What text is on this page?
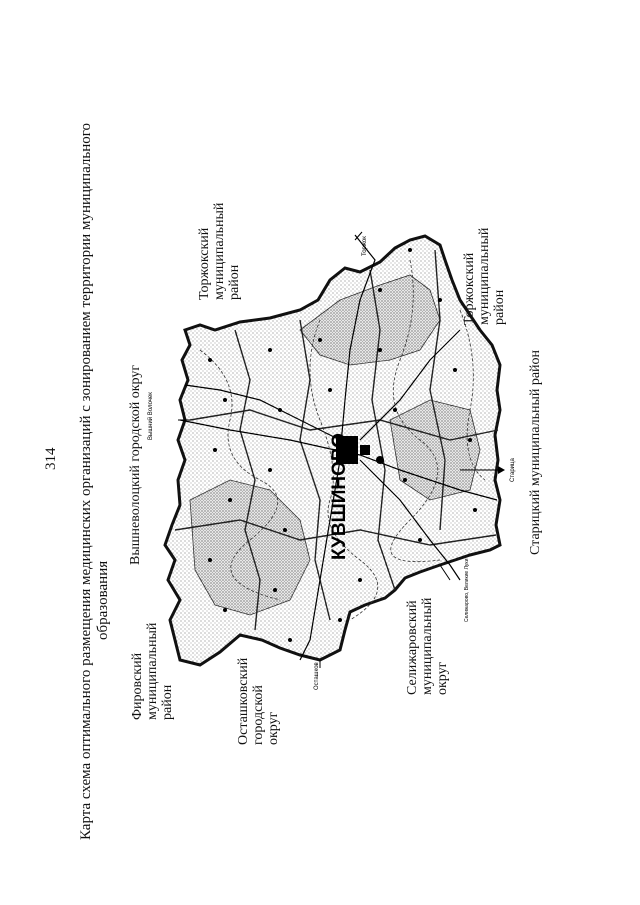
314 Карта схема оптимального размещения медицинских организаций с зонированием территории муниципального образования
КУВШИНОВО
Вышний Волочек
Торжок
Старица
Осташков
Селижарово, Великие Луки
Вышневолоцкий городской округ
Торжокский муниципальный район
Фировский муниципальный район	Осташковский городской округ
Селижаровский муниципальный округ
Торжокский муниципальный район
Старицкий муниципальный район
